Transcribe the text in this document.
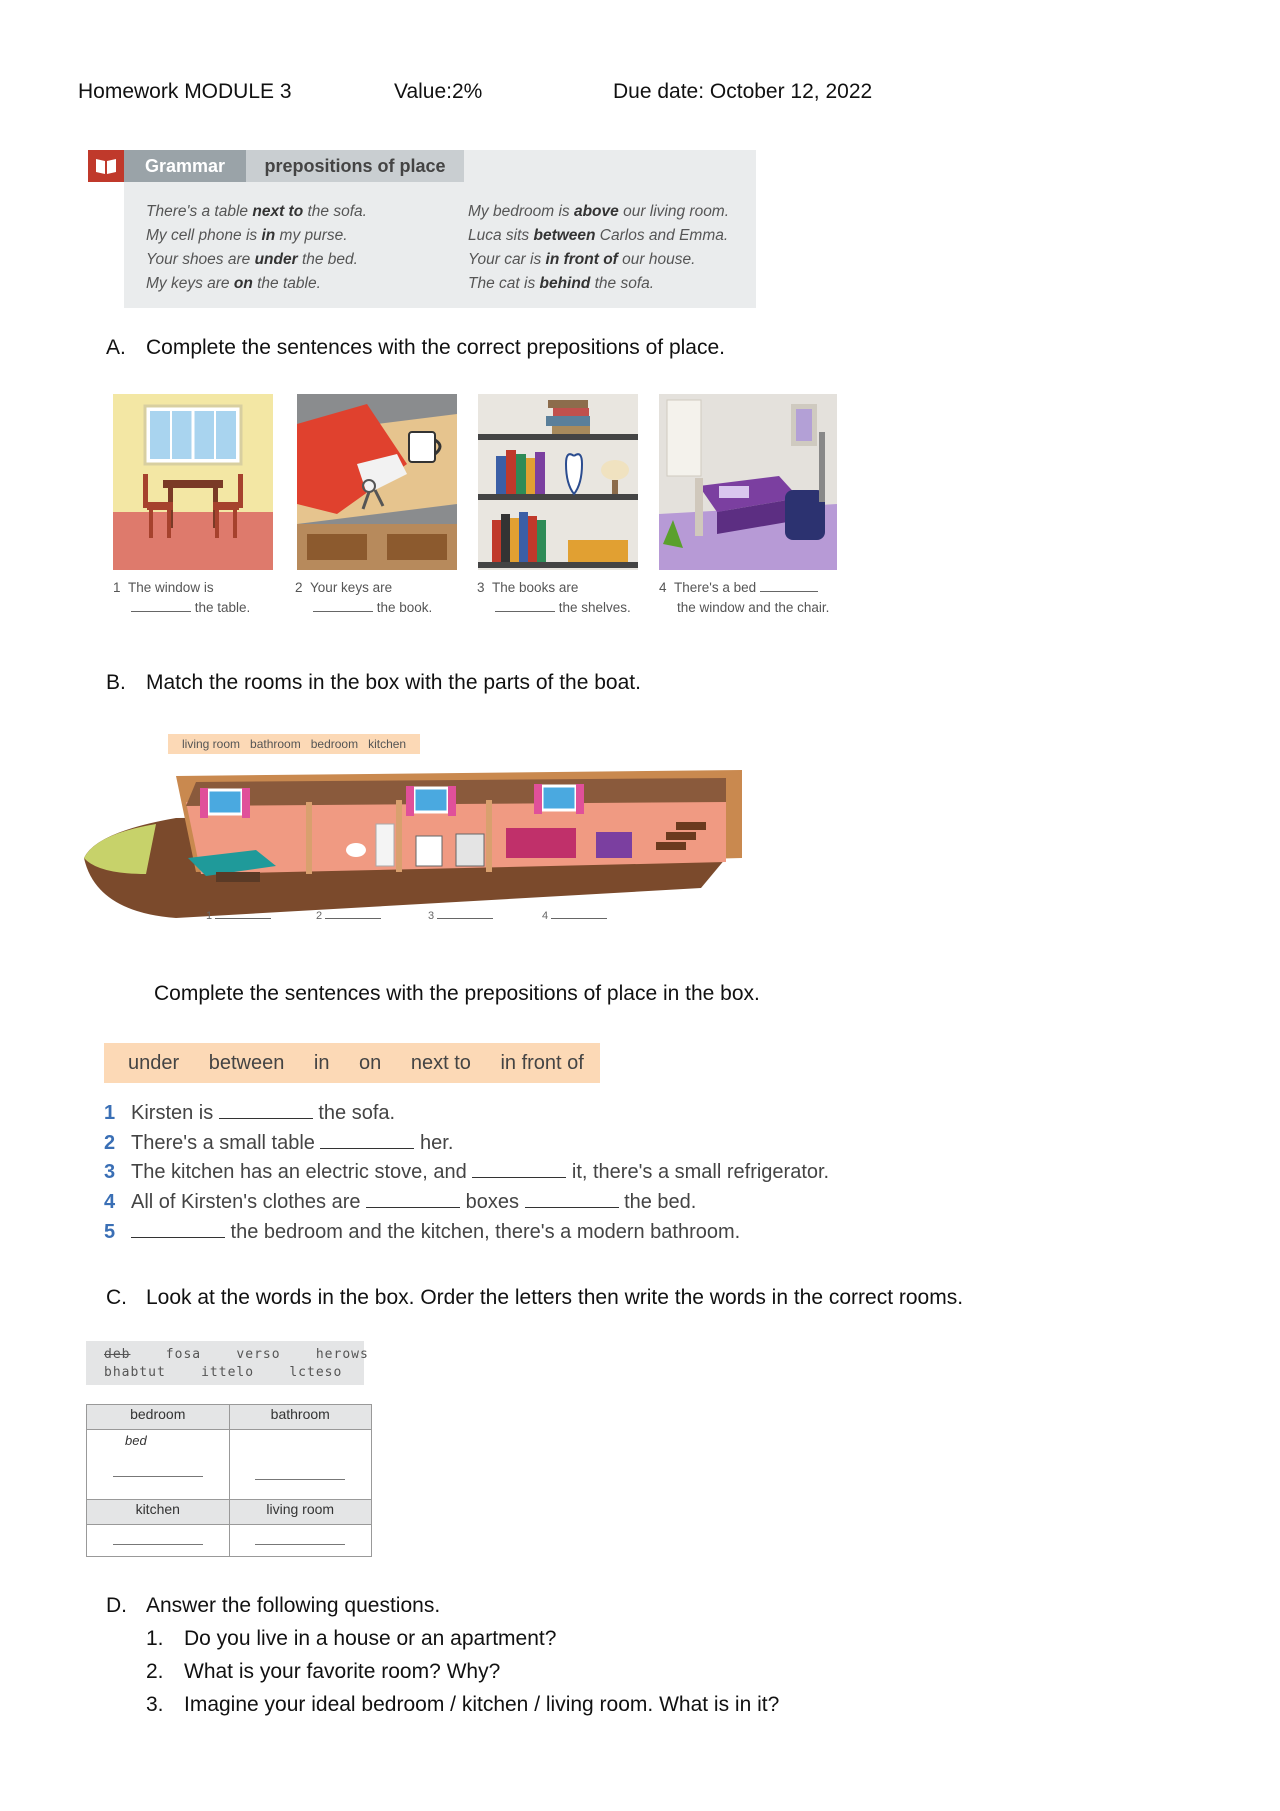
Homework MODULE 3	Value:2%	Due date: October 12, 2022
Grammar	prepositions of place
There's a table next to the sofa.
My cell phone is in my purse.
Your shoes are under the bed.
My keys are on the table.
My bedroom is above our living room.
Luca sits between Carlos and Emma.
Your car is in front of our house.
The cat is behind the sofa.
A. Complete the sentences with the correct prepositions of place.
1 The window is
the table.
2 Your keys are
the book.
3 The books are
the shelves.
4 There's a bed
the window and the chair.
B. Match the rooms in the box with the parts of the boat.
living room   bathroom   bedroom   kitchen
1	2	3	4
Complete the sentences with the prepositions of place in the box.
under between in on next to in front of
1 Kirsten is	the sofa.
2 There's a small table	her.
3 The kitchen has an electric stove, and	it, there's a small refrigerator.
4 All of Kirsten's clothes are	boxes	the bed.
5	the bedroom and the kitchen, there's a modern bathroom.
C. Look at the words in the box. Order the letters then write the words in the correct rooms.
deb	fosa    verso    herows
bhabtut    ittelo    lcteso
bedroom	bathroom

bed	

kitchen	living room

D. Answer the following questions.
1. Do you live in a house or an apartment?
2. What is your favorite room? Why?
3. Imagine your ideal bedroom / kitchen / living room. What is in it?
